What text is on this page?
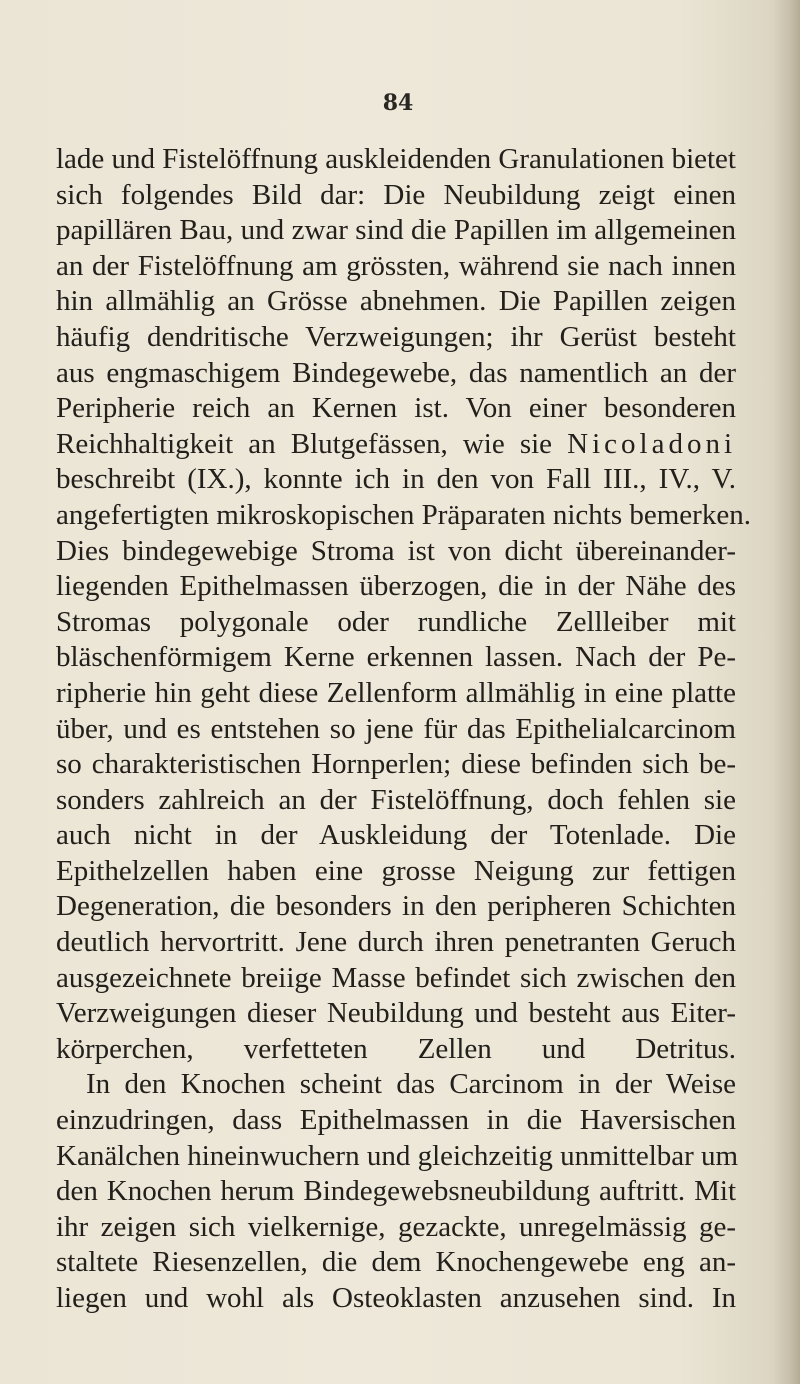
84

lade und Fistelöffnung auskleidenden Granulationen bietet
sich folgendes Bild dar: Die Neubildung zeigt einen
papillären Bau, und zwar sind die Papillen im allgemeinen
an der Fistelöffnung am grössten, während sie nach innen
hin allmählig an Grösse abnehmen. Die Papillen zeigen
häufig dendritische Verzweigungen; ihr Gerüst besteht
aus engmaschigem Bindegewebe, das namentlich an der
Peripherie reich an Kernen ist. Von einer besonderen
Reichhaltigkeit an Blutgefässen, wie sie Nicoladoni
beschreibt (IX.), konnte ich in den von Fall III., IV., V.
angefertigten mikroskopischen Präparaten nichts bemerken.
Dies bindegewebige Stroma ist von dicht übereinander-
liegenden Epithelmassen überzogen, die in der Nähe des
Stromas polygonale oder rundliche Zellleiber mit
bläschenförmigem Kerne erkennen lassen. Nach der Pe-
ripherie hin geht diese Zellenform allmählig in eine platte
über, und es entstehen so jene für das Epithelialcarcinom
so charakteristischen Hornperlen; diese befinden sich be-
sonders zahlreich an der Fistelöffnung, doch fehlen sie
auch nicht in der Auskleidung der Totenlade. Die
Epithelzellen haben eine grosse Neigung zur fettigen
Degeneration, die besonders in den peripheren Schichten
deutlich hervortritt. Jene durch ihren penetranten Geruch
ausgezeichnete breiige Masse befindet sich zwischen den
Verzweigungen dieser Neubildung und besteht aus Eiter-
körperchen, verfetteten Zellen und Detritus.
In den Knochen scheint das Carcinom in der Weise
einzudringen, dass Epithelmassen in die Haversischen
Kanälchen hineinwuchern und gleichzeitig unmittelbar um
den Knochen herum Bindegewebsneubildung auftritt. Mit
ihr zeigen sich vielkernige, gezackte, unregelmässig ge-
staltete Riesenzellen, die dem Knochengewebe eng an-
liegen und wohl als Osteoklasten anzusehen sind. In
